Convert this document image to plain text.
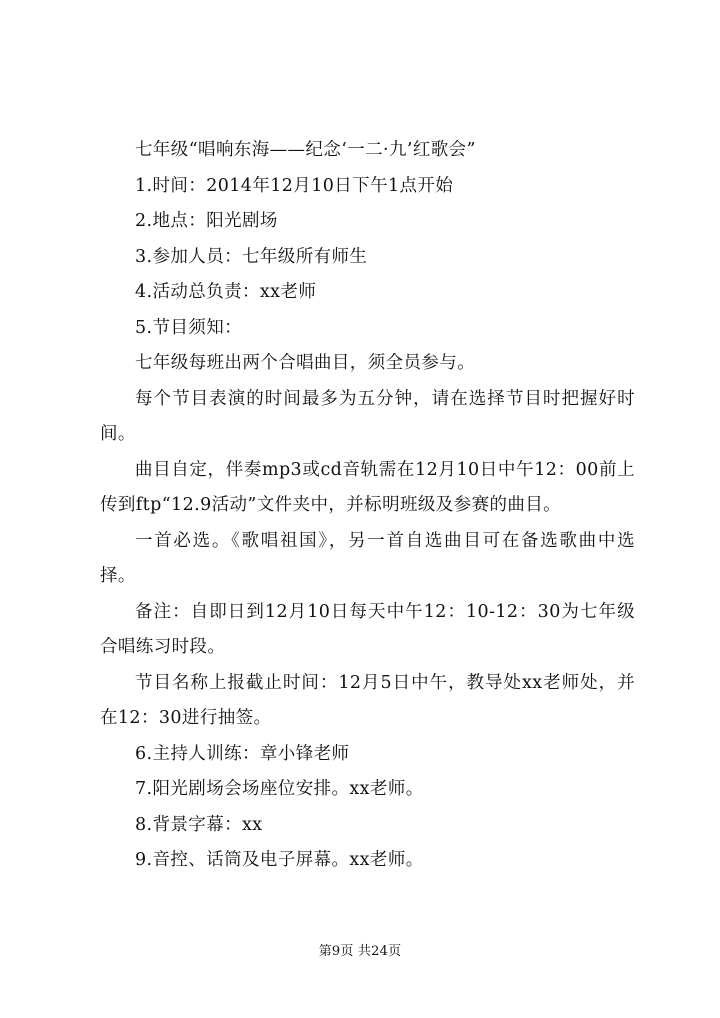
七年级“唱响东海——纪念‘一二·九’红歌会”
1.时间：2014年12月10日下午1点开始
2.地点：阳光剧场
3.参加人员：七年级所有师生
4.活动总负责：xx老师
5.节目须知：
七年级每班出两个合唱曲目，须全员参与。
每个节目表演的时间最多为五分钟，请在选择节目时把握好时间。
曲目自定，伴奏mp3或cd音轨需在12月10日中午12：00前上传到ftp“12.9活动”文件夹中，并标明班级及参赛的曲目。
一首必选。《歌唱祖国》，另一首自选曲目可在备选歌曲中选择。
备注：自即日到12月10日每天中午12：10-12：30为七年级合唱练习时段。
节目名称上报截止时间：12月5日中午，教导处xx老师处，并在12：30进行抽签。
6.主持人训练：章小锋老师
7.阳光剧场会场座位安排。xx老师。
8.背景字幕：xx
9.音控、话筒及电子屏幕。xx老师。
第9页 共24页
